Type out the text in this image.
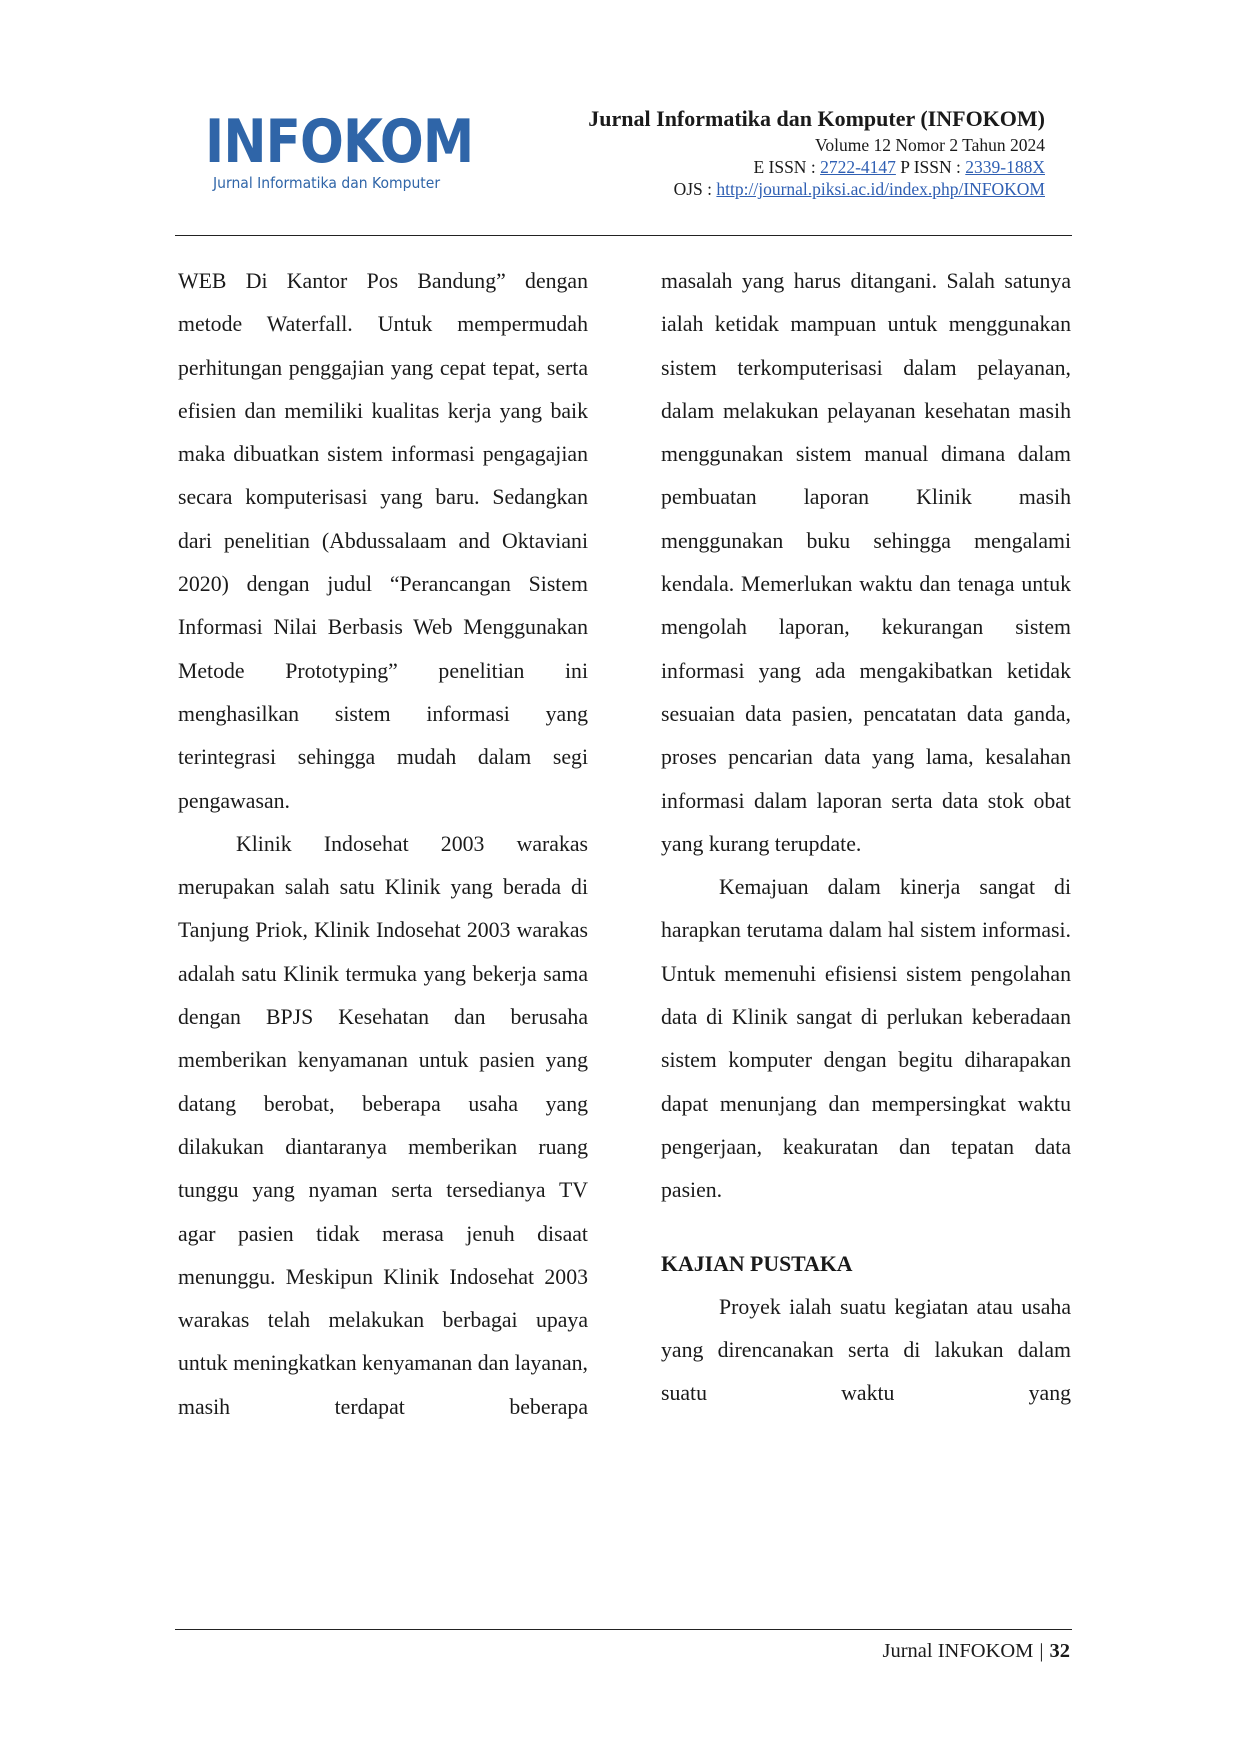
INFOKOM
Jurnal Informatika dan Komputer
Jurnal Informatika dan Komputer (INFOKOM)
Volume 12 Nomor 2 Tahun 2024
E ISSN : 2722-4147 P ISSN : 2339-188X
OJS : http://journal.piksi.ac.id/index.php/INFOKOM

WEB Di Kantor Pos Bandung” dengan metode Waterfall. Untuk mempermudah perhitungan penggajian yang cepat tepat, serta efisien dan memiliki kualitas kerja yang baik maka dibuatkan sistem informasi pengagajian secara komputerisasi yang baru. Sedangkan dari penelitian (Abdussalaam and Oktaviani 2020) dengan judul “Perancangan Sistem Informasi Nilai Berbasis Web Menggunakan Metode Prototyping” penelitian ini menghasilkan sistem informasi yang terintegrasi sehingga mudah dalam segi pengawasan.

Klinik Indosehat 2003 warakas merupakan salah satu Klinik yang berada di Tanjung Priok, Klinik Indosehat 2003 warakas adalah satu Klinik termuka yang bekerja sama dengan BPJS Kesehatan dan berusaha memberikan kenyamanan untuk pasien yang datang berobat, beberapa usaha yang dilakukan diantaranya memberikan ruang tunggu yang nyaman serta tersedianya TV agar pasien tidak merasa jenuh disaat menunggu. Meskipun Klinik Indosehat 2003 warakas telah melakukan berbagai upaya untuk meningkatkan kenyamanan dan layanan, masih terdapat beberapa

masalah yang harus ditangani. Salah satunya ialah ketidak mampuan untuk menggunakan sistem terkomputerisasi dalam pelayanan, dalam melakukan pelayanan kesehatan masih menggunakan sistem manual dimana dalam pembuatan laporan Klinik masih menggunakan buku sehingga mengalami kendala. Memerlukan waktu dan tenaga untuk mengolah laporan, kekurangan sistem informasi yang ada mengakibatkan ketidak sesuaian data pasien, pencatatan data ganda, proses pencarian data yang lama, kesalahan informasi dalam laporan serta data stok obat yang kurang terupdate.

Kemajuan dalam kinerja sangat di harapkan terutama dalam hal sistem informasi. Untuk memenuhi efisiensi sistem pengolahan data di Klinik sangat di perlukan keberadaan sistem komputer dengan begitu diharapakan dapat menunjang dan mempersingkat waktu pengerjaan, keakuratan dan tepatan data pasien.

KAJIAN PUSTAKA

Proyek ialah suatu kegiatan atau usaha yang direncanakan serta di lakukan dalam suatu waktu yang

Jurnal INFOKOM | 32
